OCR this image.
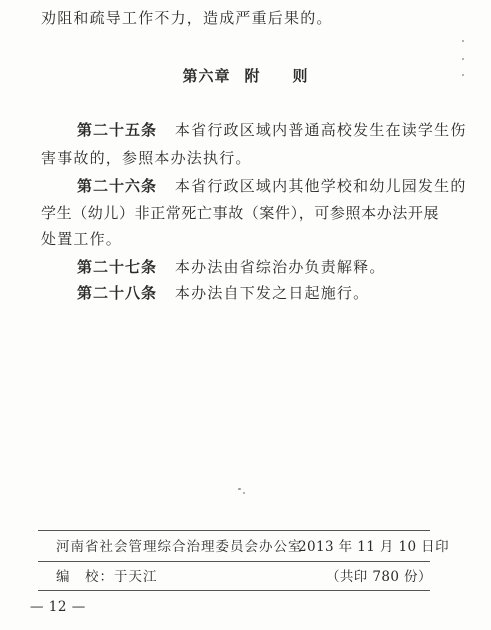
劝阻和疏导工作不力，造成严重后果的。
第六章 附　　则
第二十五条 本省行政区域内普通高校发生在读学生伤
害事故的，参照本办法执行。
第二十六条 本省行政区域内其他学校和幼儿园发生的
学生（幼儿）非正常死亡事故（案件），可参照本办法开展
处置工作。
第二十七条 本办法由省综治办负责解释。
第二十八条 本办法自下发之日起施行。
河南省社会管理综合治理委员会办公室
2013 年 11 月 10 日印
编　校：于天江	（共印 780 份）
— 12 —
